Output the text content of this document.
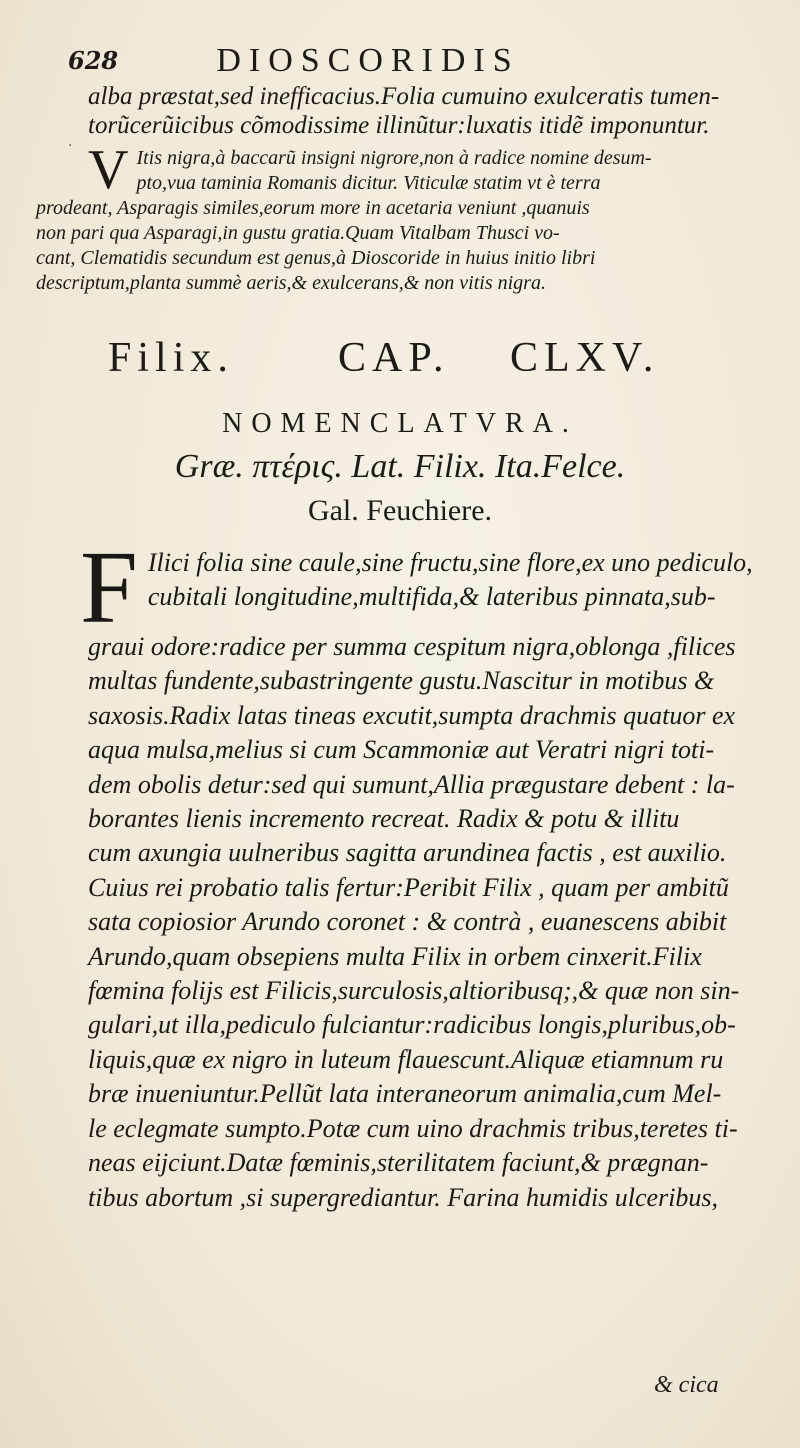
628	DIOSCORIDIS
·
alba præstat,sed inefficacius.Folia cumuino exulceratis tumen-
torũcerũicibus cõmodissime illinũtur:luxatis itidẽ imponuntur.
V Itis nigra,à baccarũ insigni nigrore,non à radice nomine desum-
pto,vua taminia Romanis dicitur. Viticulæ statim vt è terra
prodeant, Asparagis similes,eorum more in acetaria veniunt ,quanuis
non pari qua Asparagi,in gustu gratia.Quam Vitalbam Thusci vo-
cant, Clematidis secundum est genus,à Dioscoride in huius initio libri
descriptum,planta summè aeris,& exulcerans,& non vitis nigra.
Filix. CAP. CLXV.
NOMENCLATVRA.
Græ. πτέρις. Lat. Filix. Ita.Felce.
Gal. Feuchiere.
F Ilici folia sine caule,sine fructu,sine flore,ex uno pediculo,
cubitali longitudine,multifida,& lateribus pinnata,sub-
graui odore:radice per summa cespitum nigra,oblonga ,filices
multas fundente,subastringente gustu.Nascitur in motibus &
saxosis.Radix latas tineas excutit,sumpta drachmis quatuor ex
aqua mulsa,melius si cum Scammoniæ aut Veratri nigri toti-
dem obolis detur:sed qui sumunt,Allia prægustare debent : la-
borantes lienis incremento recreat. Radix & potu & illitu
cum axungia uulneribus sagitta arundinea factis , est auxilio.
Cuius rei probatio talis fertur:Peribit Filix , quam per ambitũ
sata copiosior Arundo coronet : & contrà , euanescens abibit
Arundo,quam obsepiens multa Filix in orbem cinxerit.Filix
fœmina folijs est Filicis,surculosis,altioribusq;,& quæ non sin-
gulari,ut illa,pediculo fulciantur:radicibus longis,pluribus,ob-
liquis,quæ ex nigro in luteum flauescunt.Aliquæ etiamnum ru
bræ inueniuntur.Pellũt lata interaneorum animalia,cum Mel-
le eclegmate sumpto.Potæ cum uino drachmis tribus,teretes ti-
neas eijciunt.Datæ fœminis,sterilitatem faciunt,& prægnan-
tibus abortum ,si supergrediantur. Farina humidis ulceribus,
& cica
